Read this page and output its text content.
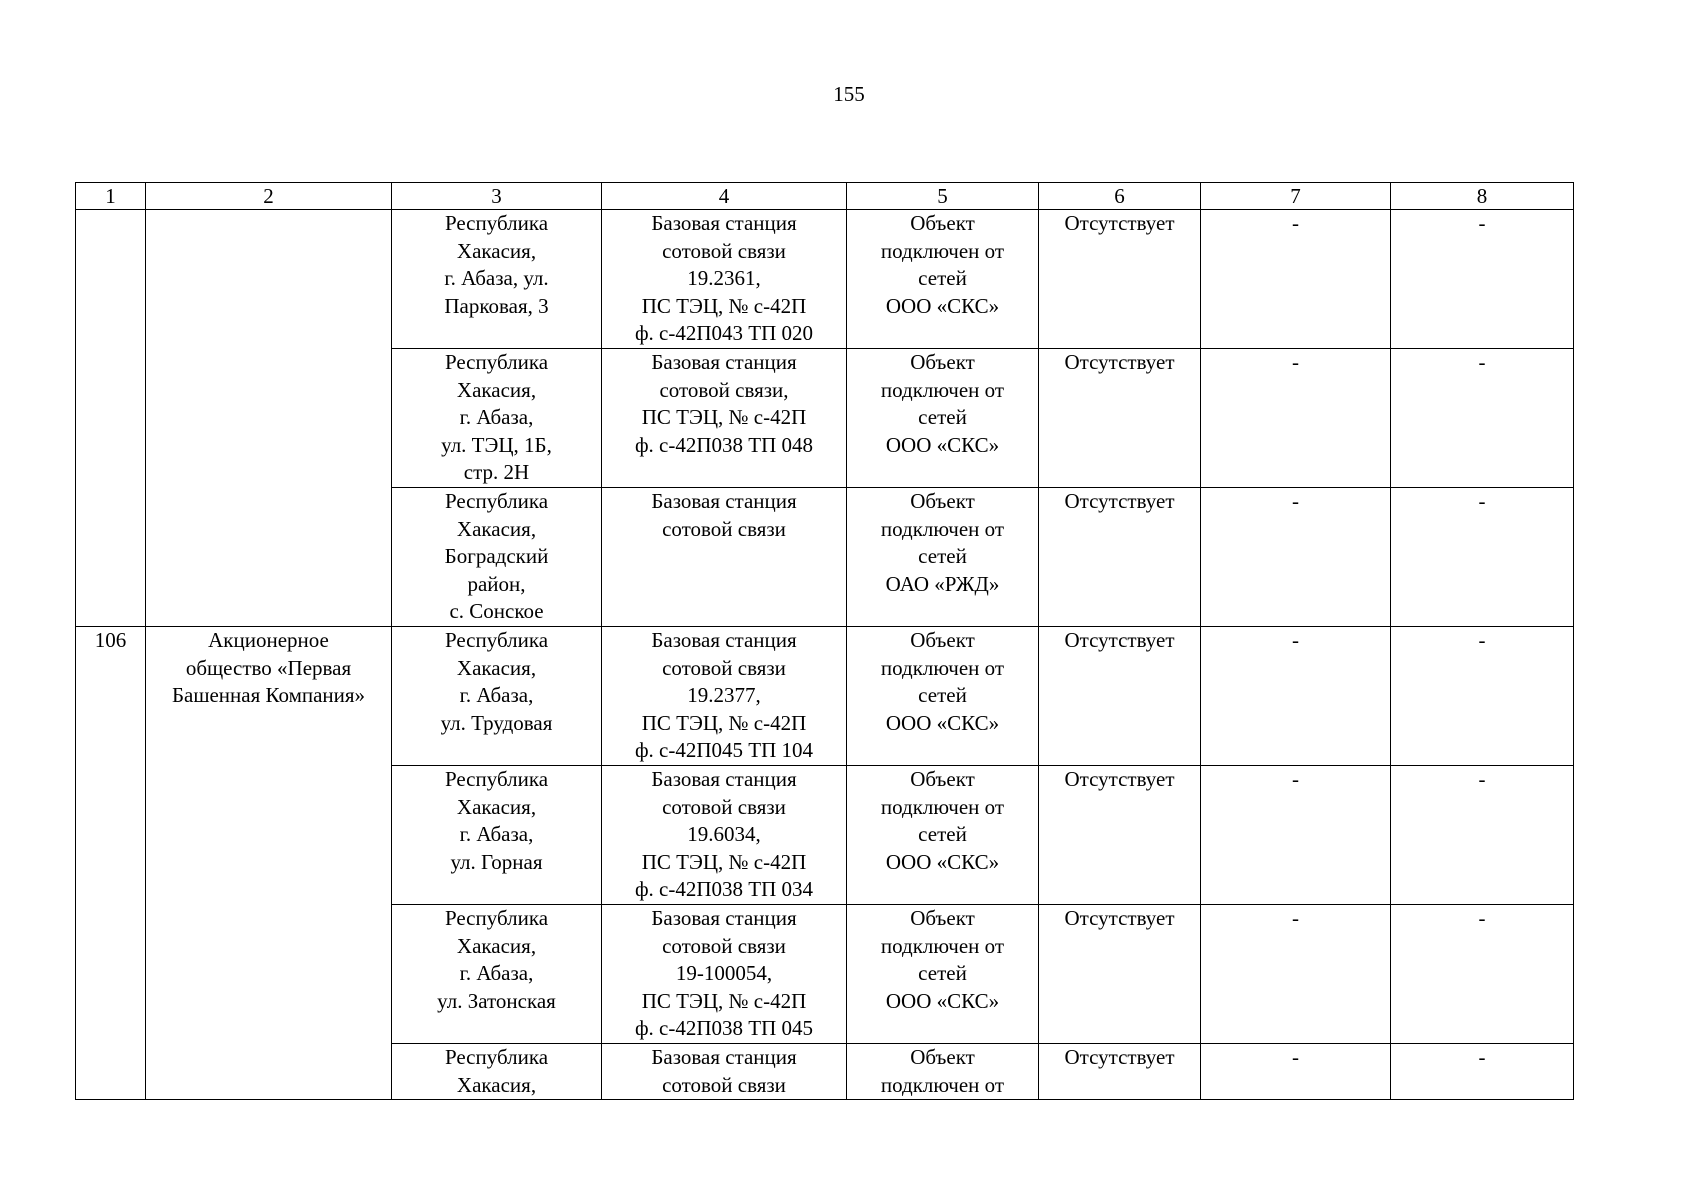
155
1	2	3	4	5	6	7	8

		Республика
Хакасия,
г. Абаза, ул.
Парковая, 3	Базовая станция
сотовой связи
19.2361,
ПС ТЭЦ, № с-42П
ф. с-42П043 ТП 020	Объект
подключен от
сетей
ООО «СКС»	Отсутствует	-	-

		Республика
Хакасия,
г. Абаза,
ул. ТЭЦ, 1Б,
стр. 2Н	Базовая станция
сотовой связи,
ПС ТЭЦ, № с-42П
ф. с-42П038 ТП 048	Объект
подключен от
сетей
ООО «СКС»	Отсутствует	-	-

		Республика
Хакасия,
Боградский
район,
с. Сонское	Базовая станция
сотовой связи	Объект
подключен от
сетей
ОАО «РЖД»	Отсутствует	-	-
106	Акционерное
общество «Первая
Башенная Компания»	Республика
Хакасия,
г. Абаза,
ул. Трудовая	Базовая станция
сотовой связи
19.2377,
ПС ТЭЦ, № с-42П
ф. с-42П045 ТП 104	Объект
подключен от
сетей
ООО «СКС»	Отсутствует	-	-

		Республика
Хакасия,
г. Абаза,
ул. Горная	Базовая станция
сотовой связи
19.6034,
ПС ТЭЦ, № с-42П
ф. с-42П038 ТП 034	Объект
подключен от
сетей
ООО «СКС»	Отсутствует	-	-

		Республика
Хакасия,
г. Абаза,
ул. Затонская	Базовая станция
сотовой связи
19-100054,
ПС ТЭЦ, № с-42П
ф. с-42П038 ТП 045	Объект
подключен от
сетей
ООО «СКС»	Отсутствует	-	-

		Республика
Хакасия,	Базовая станция
сотовой связи	Объект
подключен от	Отсутствует	-	-
